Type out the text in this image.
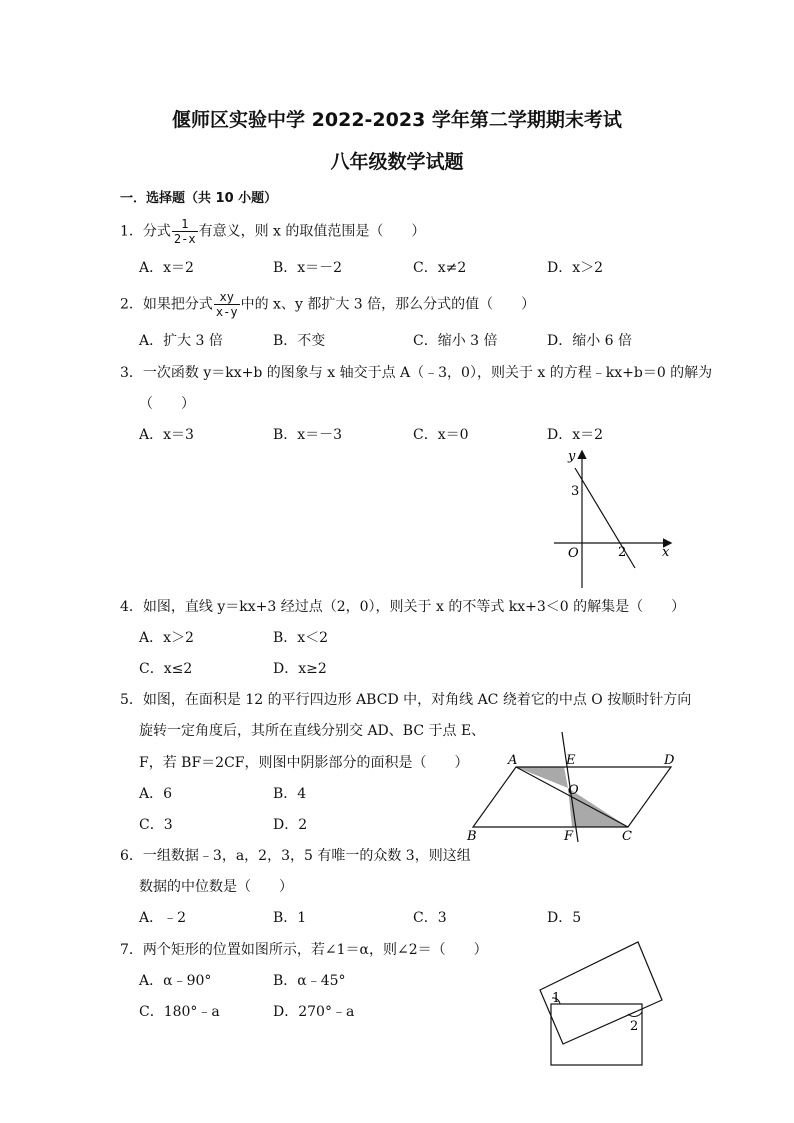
偃师区实验中学 2022-2023 学年第二学期期末考试
八年级数学试题
一．选择题（共 10 小题）
1．分式 $\frac{1}{2-x}$ 有意义，则 x 的取值范围是（　　）
A．x＝2	B．x＝－2	C．x≠2	D．x＞2
2．如果把分式 $\frac{xy}{x-y}$ 中的 x、y 都扩大 3 倍，那么分式的值（　　）
A．扩大 3 倍	B．不变	C．缩小 3 倍	D．缩小 6 倍
3．一次函数 y＝kx+b 的图象与 x 轴交于点 A（﹣3，0），则关于 x 的方程﹣kx+b＝0 的解为
（　　）
A．x＝3	B．x＝－3	C．x＝0	D．x＝2
y
x
O
3
2
4．如图，直线 y＝kx+3 经过点（2，0），则关于 x 的不等式 kx+3＜0 的解集是（　　）
A．x＞2	B．x＜2
C．x≤2	D．x≥2
5．如图，在面积是 12 的平行四边形 ABCD 中，对角线 AC 绕着它的中点 O 按顺时针方向
旋转一定角度后，其所在直线分别交 AD、BC 于点 E、
F，若 BF＝2CF，则图中阴影部分的面积是（　　）
A．6	B．4
C．3	D．2
A	D
E
O
B	F	C
6．一组数据﹣3，a，2，3，5 有唯一的众数 3，则这组
数据的中位数是（　　）
A．﹣2	B．1	C．3	D．5
7．两个矩形的位置如图所示，若∠1＝α，则∠2＝（　　）
A．α﹣90°	B．α﹣45°
C．180°﹣a	D．270°﹣a
1
2
